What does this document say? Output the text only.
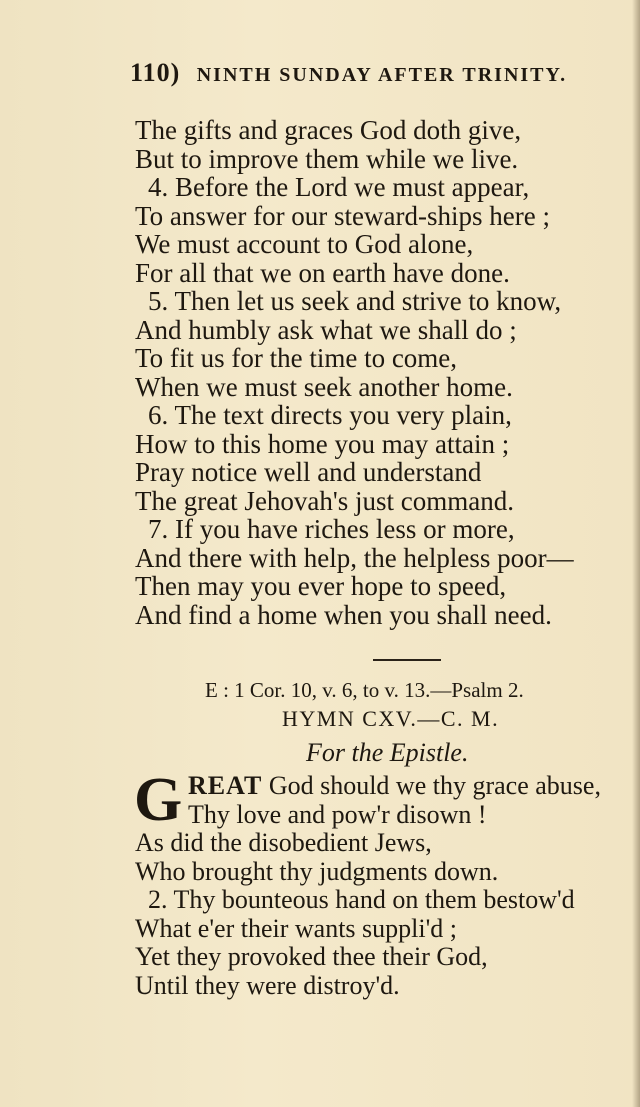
110) NINTH SUNDAY AFTER TRINITY.
The gifts and graces God doth give,
But to improve them while we live.
4. Before the Lord we must appear,
To answer for our steward-ships here ;
We must account to God alone,
For all that we on earth have done.
5. Then let us seek and strive to know,
And humbly ask what we shall do ;
To fit us for the time to come,
When we must seek another home.
6. The text directs you very plain,
How to this home you may attain ;
Pray notice well and understand
The great Jehovah's just command.
7. If you have riches less or more,
And there with help, the helpless poor—
Then may you ever hope to speed,
And find a home when you shall need.
E : 1 Cor. 10, v. 6, to v. 13.—Psalm 2.
HYMN CXV.—C. M.
For the Epistle.
G REAT God should we thy grace abuse,
Thy love and pow'r disown !
As did the disobedient Jews,
Who brought thy judgments down.
2. Thy bounteous hand on them bestow'd
What e'er their wants suppli'd ;
Yet they provoked thee their God,
Until they were distroy'd.
